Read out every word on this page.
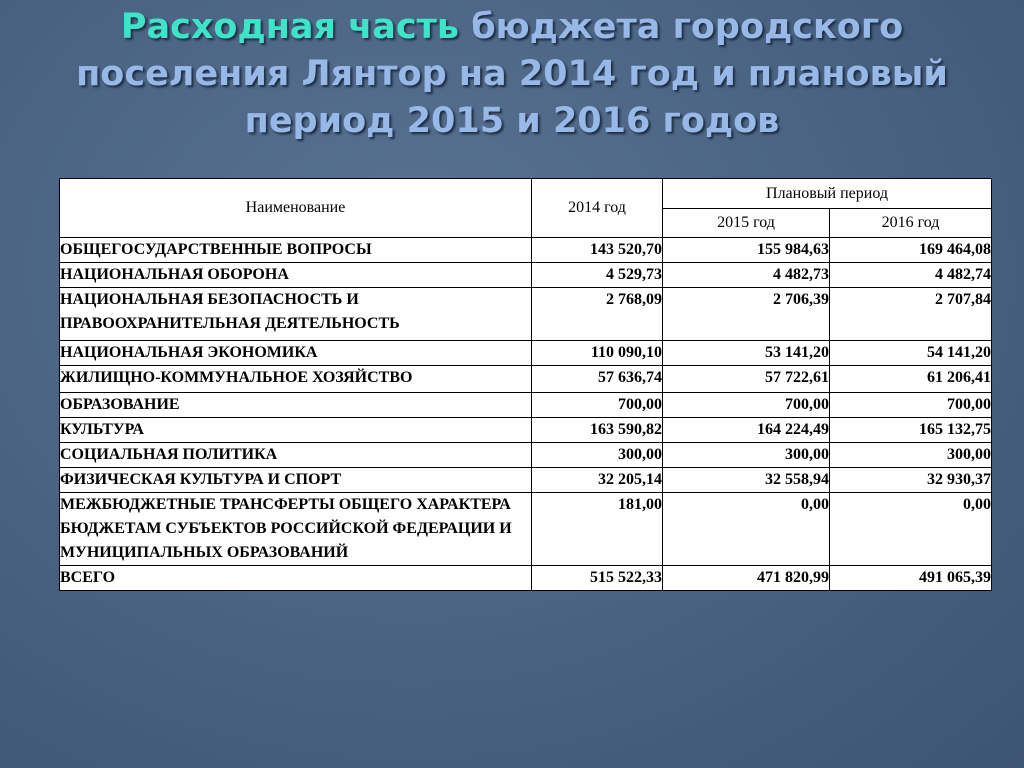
Расходная часть бюджета городского поселения Лянтор на 2014 год и плановый период 2015 и 2016 годов
Наименование	2014 год	Плановый период	
		2015 год	2016 год
ОБЩЕГОСУДАРСТВЕННЫЕ ВОПРОСЫ	143 520,70	155 984,63	169 464,08
НАЦИОНАЛЬНАЯ ОБОРОНА	4 529,73	4 482,73	4 482,74
НАЦИОНАЛЬНАЯ БЕЗОПАСНОСТЬ И ПРАВООХРАНИТЕЛЬНАЯ ДЕЯТЕЛЬНОСТЬ	2 768,09	2 706,39	2 707,84
НАЦИОНАЛЬНАЯ ЭКОНОМИКА	110 090,10	53 141,20	54 141,20
ЖИЛИЩНО-КОММУНАЛЬНОЕ ХОЗЯЙСТВО	57 636,74	57 722,61	61 206,41
ОБРАЗОВАНИЕ	700,00	700,00	700,00
КУЛЬТУРА	163 590,82	164 224,49	165 132,75
СОЦИАЛЬНАЯ ПОЛИТИКА	300,00	300,00	300,00
ФИЗИЧЕСКАЯ КУЛЬТУРА И СПОРТ	32 205,14	32 558,94	32 930,37
МЕЖБЮДЖЕТНЫЕ ТРАНСФЕРТЫ ОБЩЕГО ХАРАКТЕРА БЮДЖЕТАМ СУБЪЕКТОВ РОССИЙСКОЙ ФЕДЕРАЦИИ И МУНИЦИПАЛЬНЫХ ОБРАЗОВАНИЙ	181,00	0,00	0,00
ВСЕГО	515 522,33	471 820,99	491 065,39
